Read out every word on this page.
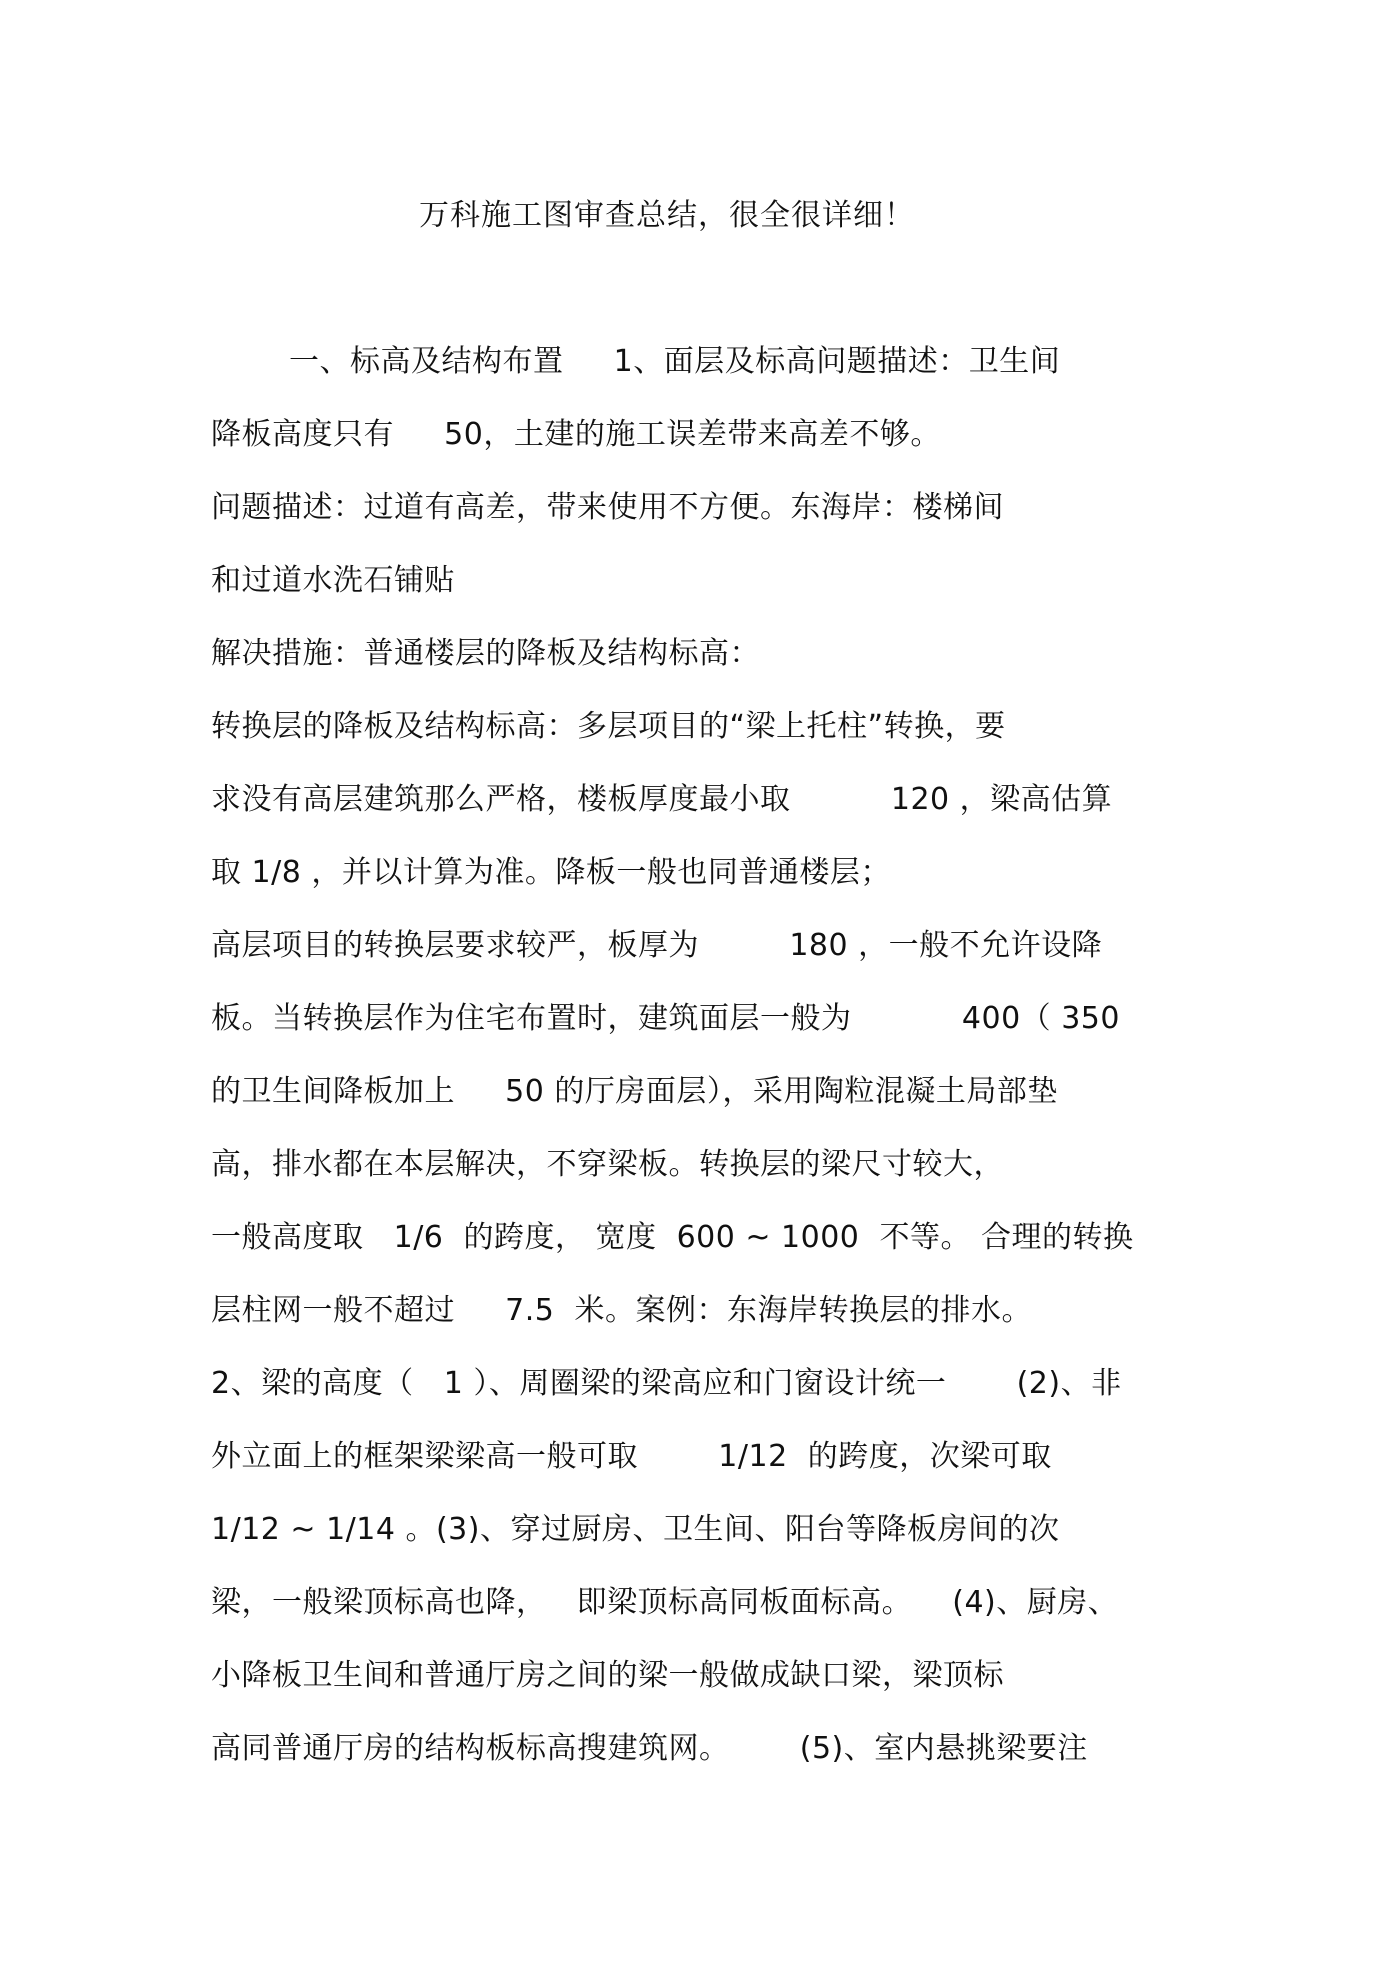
万科施工图审查总结，很全很详细！
一、标高及结构布置     1、面层及标高问题描述：卫生间
降板高度只有     50，土建的施工误差带来高差不够。
问题描述：过道有高差，带来使用不方便。东海岸：楼梯间
和过道水洗石铺贴
解决措施：普通楼层的降板及结构标高：
转换层的降板及结构标高：多层项目的“梁上托柱”转换，要
求没有高层建筑那么严格，楼板厚度最小取          120 ，梁高估算
取 1/8 ，并以计算为准。降板一般也同普通楼层；
高层项目的转换层要求较严，板厚为         180 ，一般不允许设降
板。当转换层作为住宅布置时，建筑面层一般为           400（ 350
的卫生间降板加上     50 的厅房面层），采用陶粒混凝土局部垫
高，排水都在本层解决，不穿梁板。转换层的梁尺寸较大，
一般高度取   1/6  的跨度， 宽度  600 ~ 1000  不等。 合理的转换
层柱网一般不超过     7.5  米。案例：东海岸转换层的排水。
2、梁的高度（   1 ）、周圈梁的梁高应和门窗设计统一       (2)、非
外立面上的框架梁梁高一般可取        1/12  的跨度，次梁可取
1/12 ~ 1/14 。(3)、穿过厨房、卫生间、阳台等降板房间的次
梁，一般梁顶标高也降，   即梁顶标高同板面标高。    (4)、厨房、
小降板卫生间和普通厅房之间的梁一般做成缺口梁，梁顶标
高同普通厅房的结构板标高搜建筑网。       (5)、室内悬挑梁要注
